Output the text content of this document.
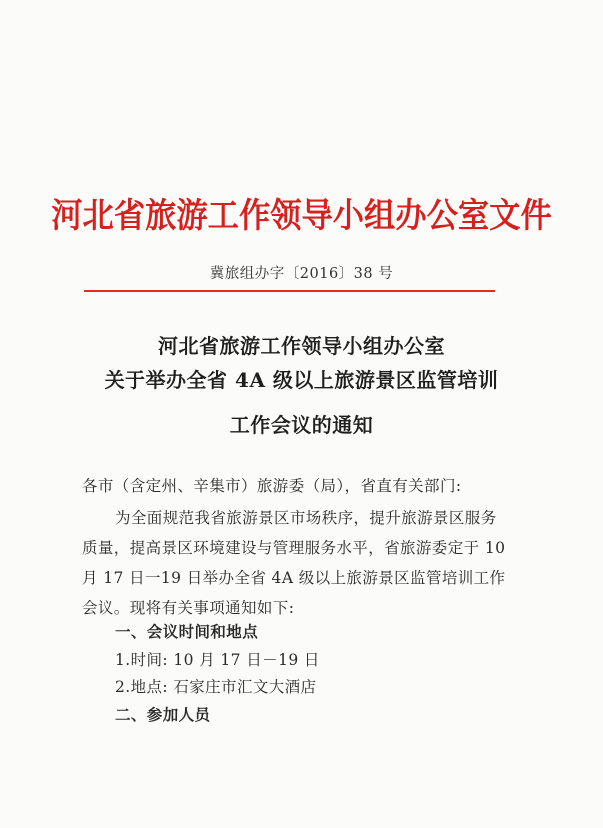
河北省旅游工作领导小组办公室文件
冀旅组办字〔2016〕38 号
河北省旅游工作领导小组办公室
关于举办全省 4A 级以上旅游景区监管培训
工作会议的通知
各市（含定州、辛集市）旅游委（局），省直有关部门:
为全面规范我省旅游景区市场秩序，提升旅游景区服务
质量，提高景区环境建设与管理服务水平，省旅游委定于 10
月 17 日一19 日举办全省 4A 级以上旅游景区监管培训工作
会议。现将有关事项通知如下:
一、会议时间和地点
1.时间: 10 月 17 日－19 日
2.地点: 石家庄市汇文大酒店
二、参加人员
